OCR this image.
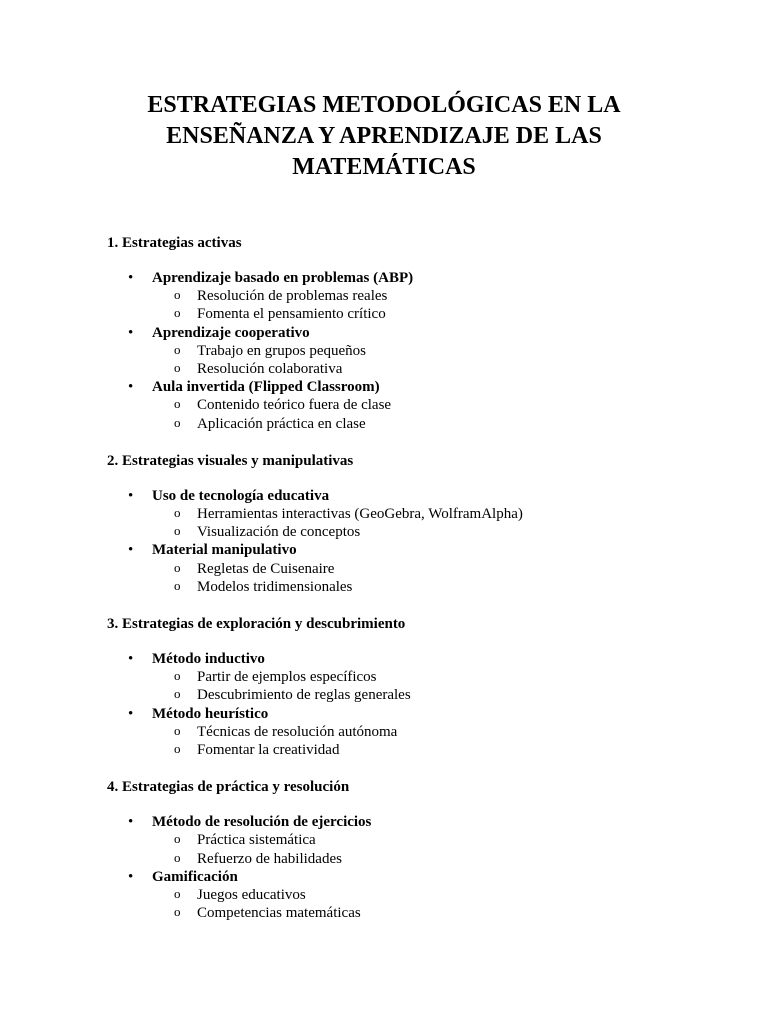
ESTRATEGIAS METODOLÓGICAS EN LA
ENSEÑANZA Y APRENDIZAJE DE LAS
MATEMÁTICAS
1. Estrategias activas
• Aprendizaje basado en problemas (ABP)
o Resolución de problemas reales
o Fomenta el pensamiento crítico
• Aprendizaje cooperativo
o Trabajo en grupos pequeños
o Resolución colaborativa
• Aula invertida (Flipped Classroom)
o Contenido teórico fuera de clase
o Aplicación práctica en clase
2. Estrategias visuales y manipulativas
• Uso de tecnología educativa
o Herramientas interactivas (GeoGebra, WolframAlpha)
o Visualización de conceptos
• Material manipulativo
o Regletas de Cuisenaire
o Modelos tridimensionales
3. Estrategias de exploración y descubrimiento
• Método inductivo
o Partir de ejemplos específicos
o Descubrimiento de reglas generales
• Método heurístico
o Técnicas de resolución autónoma
o Fomentar la creatividad
4. Estrategias de práctica y resolución
• Método de resolución de ejercicios
o Práctica sistemática
o Refuerzo de habilidades
• Gamificación
o Juegos educativos
o Competencias matemáticas
